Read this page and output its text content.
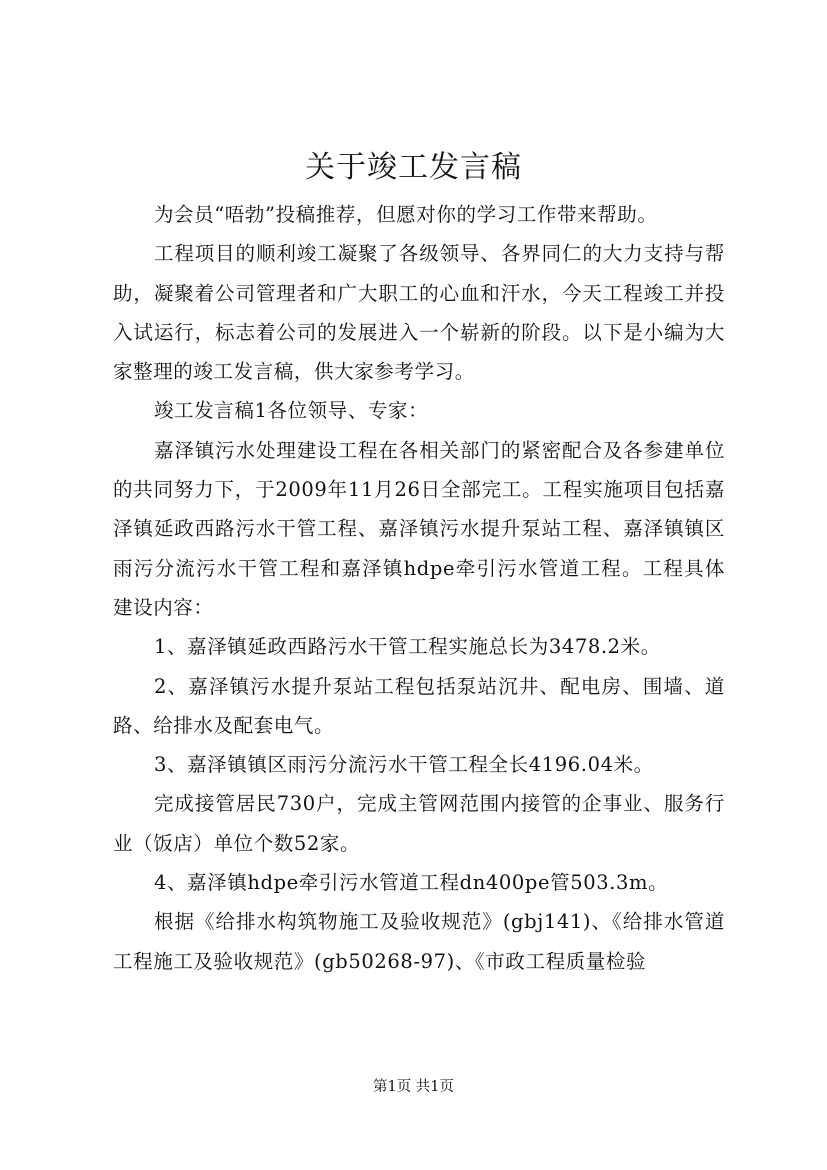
关于竣工发言稿

为会员“唔勃”投稿推荐，但愿对你的学习工作带来帮助。

工程项目的顺利竣工凝聚了各级领导、各界同仁的大力支持与帮助，凝聚着公司管理者和广大职工的心血和汗水，今天工程竣工并投入试运行，标志着公司的发展进入一个崭新的阶段。以下是小编为大家整理的竣工发言稿，供大家参考学习。

竣工发言稿1各位领导、专家：

嘉泽镇污水处理建设工程在各相关部门的紧密配合及各参建单位的共同努力下，于2009年11月26日全部完工。工程实施项目包括嘉泽镇延政西路污水干管工程、嘉泽镇污水提升泵站工程、嘉泽镇镇区雨污分流污水干管工程和嘉泽镇hdpe牵引污水管道工程。工程具体建设内容：

1、嘉泽镇延政西路污水干管工程实施总长为3478.2米。

2、嘉泽镇污水提升泵站工程包括泵站沉井、配电房、围墙、道路、给排水及配套电气。

3、嘉泽镇镇区雨污分流污水干管工程全长4196.04米。

完成接管居民730户，完成主管网范围内接管的企事业、服务行业（饭店）单位个数52家。

4、嘉泽镇hdpe牵引污水管道工程dn400pe管503.3m。

根据《给排水构筑物施工及验收规范》(gbj141)、《给排水管道工程施工及验收规范》(gb50268-97)、《市政工程质量检验

第1页 共1页
